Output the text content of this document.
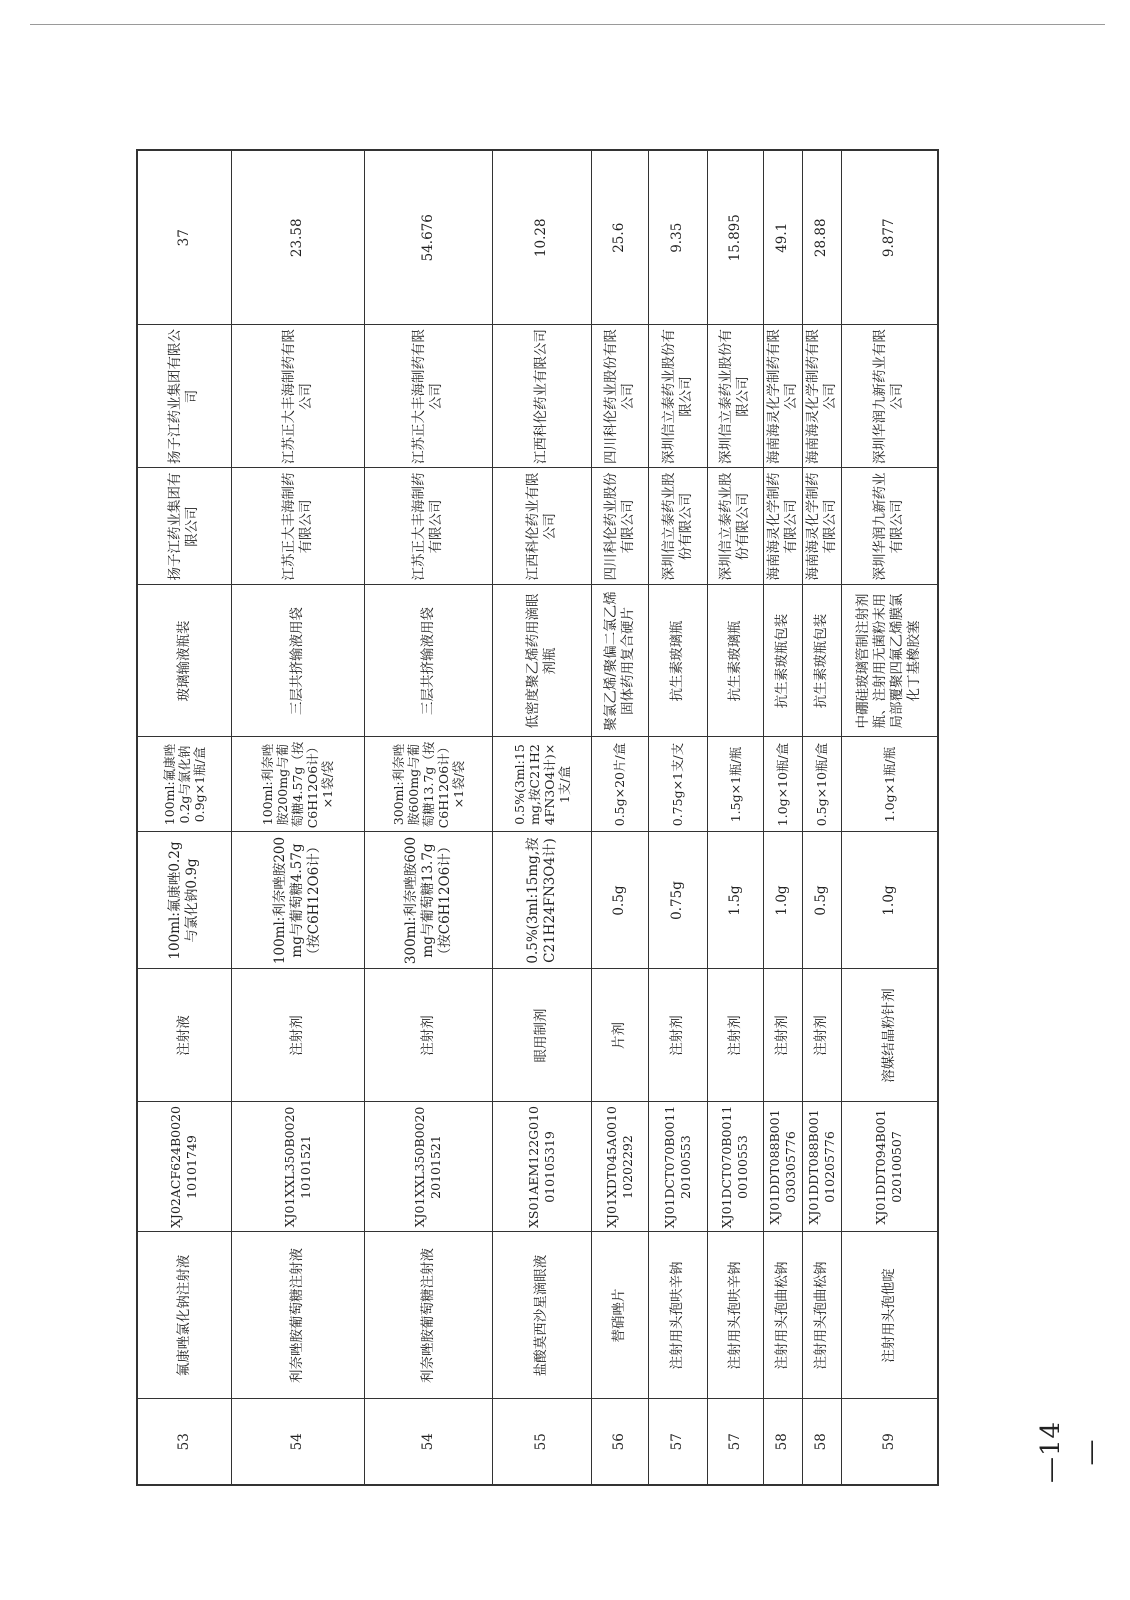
53	氟康唑氯化钠注射液	XJ02ACF624B002010101749	注射液	100ml:氟康唑0.2g与氯化钠0.9g	100ml:氟康唑0.2g与氯化钠0.9g×1瓶/盒	玻璃输液瓶装	扬子江药业集团有限公司	扬子江药业集团有限公司	37
54	利奈唑胺葡萄糖注射液	XJ01XXL350B002010101521	注射剂	100ml:利奈唑胺200mg与葡萄糖4.57g（按C6H12O6计）	100ml:利奈唑胺200mg与葡萄糖4.57g（按C6H12O6计）×1袋/袋	三层共挤输液用袋	江苏正大丰海制药有限公司	江苏正大丰海制药有限公司	23.58
54	利奈唑胺葡萄糖注射液	XJ01XXL350B002020101521	注射剂	300ml:利奈唑胺600mg与葡萄糖13.7g（按C6H12O6计）	300ml:利奈唑胺600mg与葡萄糖13.7g（按C6H12O6计）×1袋/袋	三层共挤输液用袋	江苏正大丰海制药有限公司	江苏正大丰海制药有限公司	54.676
55	盐酸莫西沙星滴眼液	XS01AEM122G010010105319	眼用制剂	0.5%(3ml:15mg,按C21H24FN3O4计)	0.5%(3ml:15mg,按C21H24FN3O4计)×1支/盒	低密度聚乙烯药用滴眼剂瓶	江西科伦药业有限公司	江西科伦药业有限公司	10.28
56	替硝唑片	XJ01XDT045A001010202292	片剂	0.5g	0.5g×20片/盒	聚氯乙烯/聚偏二氯乙烯固体药用复合硬片	四川科伦药业股份有限公司	四川科伦药业股份有限公司	25.6
57	注射用头孢呋辛钠	XJ01DCT070B001120100553	注射剂	0.75g	0.75g×1支/支	抗生素玻璃瓶	深圳信立泰药业股份有限公司	深圳信立泰药业股份有限公司	9.35
57	注射用头孢呋辛钠	XJ01DCT070B001100100553	注射剂	1.5g	1.5g×1瓶/瓶	抗生素玻璃瓶	深圳信立泰药业股份有限公司	深圳信立泰药业股份有限公司	15.895
58	注射用头孢曲松钠	XJ01DDT088B001030305776	注射剂	1.0g	1.0g×10瓶/盒	抗生素玻瓶包装	海南海灵化学制药有限公司	海南海灵化学制药有限公司	49.1
58	注射用头孢曲松钠	XJ01DDT088B001010205776	注射剂	0.5g	0.5g×10瓶/盒	抗生素玻瓶包装	海南海灵化学制药有限公司	海南海灵化学制药有限公司	28.88
59	注射用头孢他啶	XJ01DDT094B001020100507	溶媒结晶粉针剂	1.0g	1.0g×1瓶/瓶	中硼硅玻璃管制注射剂瓶、注射用无菌粉末用局部覆聚四氟乙烯膜氯化丁基橡胶塞	深圳华润九新药业有限公司	深圳华润九新药业有限公司	9.877
—14—
